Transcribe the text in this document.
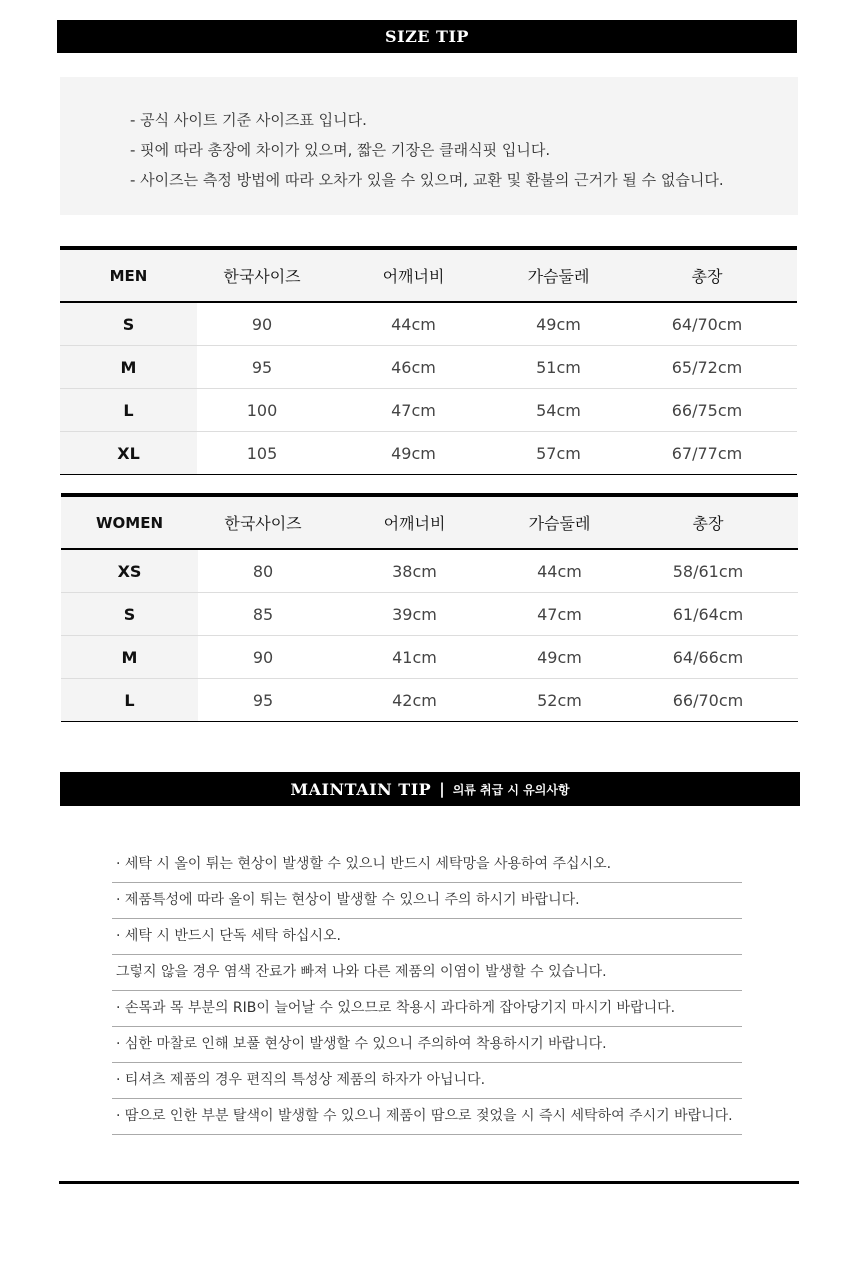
SIZE TIP
- 공식 사이트 기준 사이즈표 입니다.
- 핏에 따라 총장에 차이가 있으며, 짧은 기장은 클래식핏 입니다.
- 사이즈는 측정 방법에 따라 오차가 있을 수 있으며, 교환 및 환불의 근거가 될 수 없습니다.
MEN	한국사이즈	어깨너비	가슴둘레	총장
S	90	44cm	49cm	64/70cm
M	95	46cm	51cm	65/72cm
L	100	47cm	54cm	66/75cm
XL	105	49cm	57cm	67/77cm
WOMEN	한국사이즈	어깨너비	가슴둘레	총장
XS	80	38cm	44cm	58/61cm
S	85	39cm	47cm	61/64cm
M	90	41cm	49cm	64/66cm
L	95	42cm	52cm	66/70cm
MAINTAIN TIP | 의류 취급 시 유의사항
· 세탁 시 올이 튀는 현상이 발생할 수 있으니 반드시 세탁망을 사용하여 주십시오.
· 제품특성에 따라 올이 튀는 현상이 발생할 수 있으니 주의 하시기 바랍니다.
· 세탁 시 반드시 단독 세탁 하십시오.
그렇지 않을 경우 염색 잔료가 빠져 나와 다른 제품의 이염이 발생할 수 있습니다.
· 손목과 목 부분의 RIB이 늘어날 수 있으므로 착용시 과다하게 잡아당기지 마시기 바랍니다.
· 심한 마찰로 인해 보풀 현상이 발생할 수 있으니 주의하여 착용하시기 바랍니다.
· 티셔츠 제품의 경우 편직의 특성상 제품의 하자가 아닙니다.
· 땀으로 인한 부분 탈색이 발생할 수 있으니 제품이 땀으로 젖었을 시 즉시 세탁하여 주시기 바랍니다.
